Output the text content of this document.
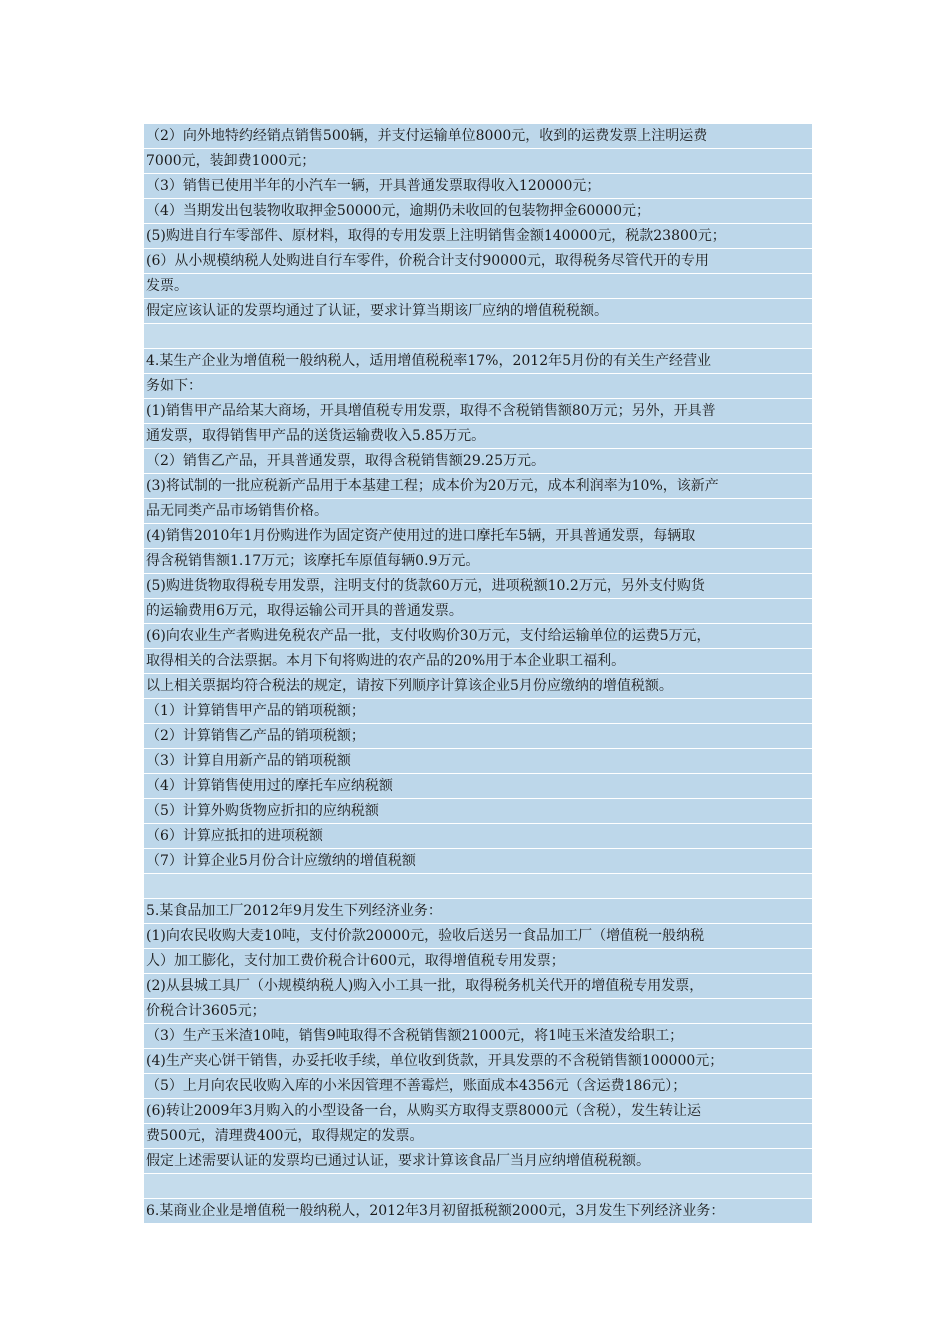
（2）向外地特约经销点销售500辆，并支付运输单位8000元，收到的运费发票上注明运费
7000元，装卸费1000元；
（3）销售已使用半年的小汽车一辆，开具普通发票取得收入120000元；
（4）当期发出包装物收取押金50000元，逾期仍未收回的包装物押金60000元；
(5)购进自行车零部件、原材料，取得的专用发票上注明销售金额140000元，税款23800元；
(6）从小规模纳税人处购进自行车零件，价税合计支付90000元，取得税务尽管代开的专用
发票。
假定应该认证的发票均通过了认证，要求计算当期该厂应纳的增值税税额。
4.某生产企业为增值税一般纳税人，适用增值税税率17%，2012年5月份的有关生产经营业
务如下：
(1)销售甲产品给某大商场，开具增值税专用发票，取得不含税销售额80万元；另外，开具普
通发票，取得销售甲产品的送货运输费收入5.85万元。
（2）销售乙产品，开具普通发票，取得含税销售额29.25万元。
(3)将试制的一批应税新产品用于本基建工程；成本价为20万元，成本利润率为10%，该新产
品无同类产品市场销售价格。
(4)销售2010年1月份购进作为固定资产使用过的进口摩托车5辆，开具普通发票，每辆取
得含税销售额1.17万元；该摩托车原值每辆0.9万元。
(5)购进货物取得税专用发票，注明支付的货款60万元，进项税额10.2万元，另外支付购货
的运输费用6万元，取得运输公司开具的普通发票。
(6)向农业生产者购进免税农产品一批，支付收购价30万元，支付给运输单位的运费5万元，
取得相关的合法票据。本月下旬将购进的农产品的20%用于本企业职工福利。
以上相关票据均符合税法的规定，请按下列顺序计算该企业5月份应缴纳的增值税额。
（1）计算销售甲产品的销项税额；
（2）计算销售乙产品的销项税额；
（3）计算自用新产品的销项税额
（4）计算销售使用过的摩托车应纳税额
（5）计算外购货物应折扣的应纳税额
（6）计算应抵扣的进项税额
（7）计算企业5月份合计应缴纳的增值税额
5.某食品加工厂2012年9月发生下列经济业务：
(1)向农民收购大麦10吨，支付价款20000元，验收后送另一食品加工厂（增值税一般纳税
人）加工膨化，支付加工费价税合计600元，取得增值税专用发票；
(2)从县城工具厂（小规模纳税人)购入小工具一批，取得税务机关代开的增值税专用发票，
价税合计3605元；
（3）生产玉米渣10吨，销售9吨取得不含税销售额21000元，将1吨玉米渣发给职工；
(4)生产夹心饼干销售，办妥托收手续，单位收到货款，开具发票的不含税销售额100000元；
（5）上月向农民收购入库的小米因管理不善霉烂，账面成本4356元（含运费186元）；
(6)转让2009年3月购入的小型设备一台，从购买方取得支票8000元（含税），发生转让运
费500元，清理费400元，取得规定的发票。
假定上述需要认证的发票均已通过认证，要求计算该食品厂当月应纳增值税税额。
6.某商业企业是增值税一般纳税人，2012年3月初留抵税额2000元，3月发生下列经济业务：
